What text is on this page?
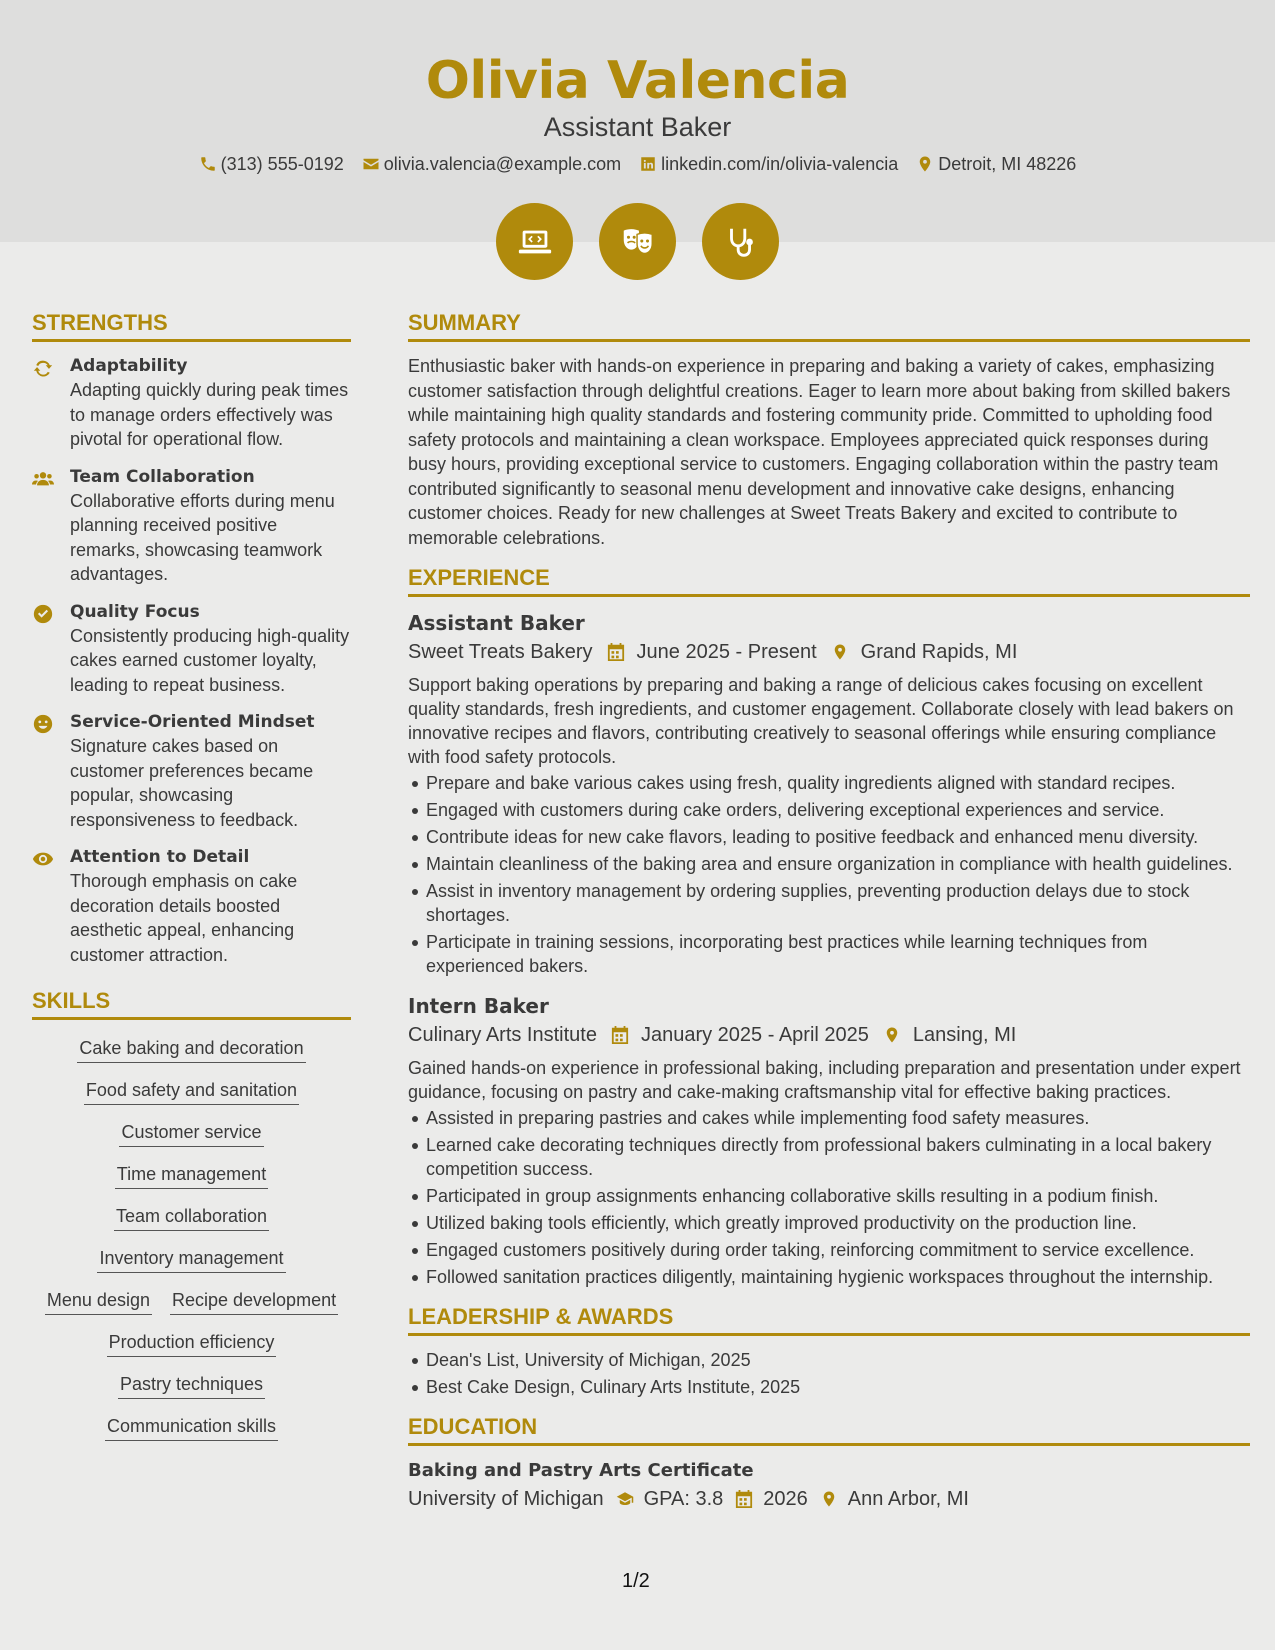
Olivia Valencia
Assistant Baker
(313) 555-0192 olivia.valencia@example.com linkedin.com/in/olivia-valencia Detroit, MI 48226
STRENGTHS
Adaptability
Adapting quickly during peak times to manage orders effectively was pivotal for operational flow.
Team Collaboration
Collaborative efforts during menu planning received positive remarks, showcasing teamwork advantages.
Quality Focus
Consistently producing high-quality cakes earned customer loyalty, leading to repeat business.
Service-Oriented Mindset
Signature cakes based on customer preferences became popular, showcasing responsiveness to feedback.
Attention to Detail
Thorough emphasis on cake decoration details boosted aesthetic appeal, enhancing customer attraction.
SKILLS
Cake baking and decoration
Food safety and sanitation
Customer service
Time management
Team collaboration
Inventory management
Menu design Recipe development
Production efficiency
Pastry techniques
Communication skills
SUMMARY
Enthusiastic baker with hands-on experience in preparing and baking a variety of cakes, emphasizing customer satisfaction through delightful creations. Eager to learn more about baking from skilled bakers while maintaining high quality standards and fostering community pride. Committed to upholding food safety protocols and maintaining a clean workspace. Employees appreciated quick responses during busy hours, providing exceptional service to customers. Engaging collaboration within the pastry team contributed significantly to seasonal menu development and innovative cake designs, enhancing customer choices. Ready for new challenges at Sweet Treats Bakery and excited to contribute to memorable celebrations.
EXPERIENCE
Assistant Baker
Sweet Treats Bakery June 2025 - Present Grand Rapids, MI
Support baking operations by preparing and baking a range of delicious cakes focusing on excellent quality standards, fresh ingredients, and customer engagement. Collaborate closely with lead bakers on innovative recipes and flavors, contributing creatively to seasonal offerings while ensuring compliance with food safety protocols.
Prepare and bake various cakes using fresh, quality ingredients aligned with standard recipes.
Engaged with customers during cake orders, delivering exceptional experiences and service.
Contribute ideas for new cake flavors, leading to positive feedback and enhanced menu diversity.
Maintain cleanliness of the baking area and ensure organization in compliance with health guidelines.
Assist in inventory management by ordering supplies, preventing production delays due to stock shortages.
Participate in training sessions, incorporating best practices while learning techniques from experienced bakers.
Intern Baker
Culinary Arts Institute January 2025 - April 2025 Lansing, MI
Gained hands-on experience in professional baking, including preparation and presentation under expert guidance, focusing on pastry and cake-making craftsmanship vital for effective baking practices.
Assisted in preparing pastries and cakes while implementing food safety measures.
Learned cake decorating techniques directly from professional bakers culminating in a local bakery competition success.
Participated in group assignments enhancing collaborative skills resulting in a podium finish.
Utilized baking tools efficiently, which greatly improved productivity on the production line.
Engaged customers positively during order taking, reinforcing commitment to service excellence.
Followed sanitation practices diligently, maintaining hygienic workspaces throughout the internship.
LEADERSHIP & AWARDS
Dean's List, University of Michigan, 2025
Best Cake Design, Culinary Arts Institute, 2025
EDUCATION
Baking and Pastry Arts Certificate
University of Michigan GPA: 3.8 2026 Ann Arbor, MI
1/2
